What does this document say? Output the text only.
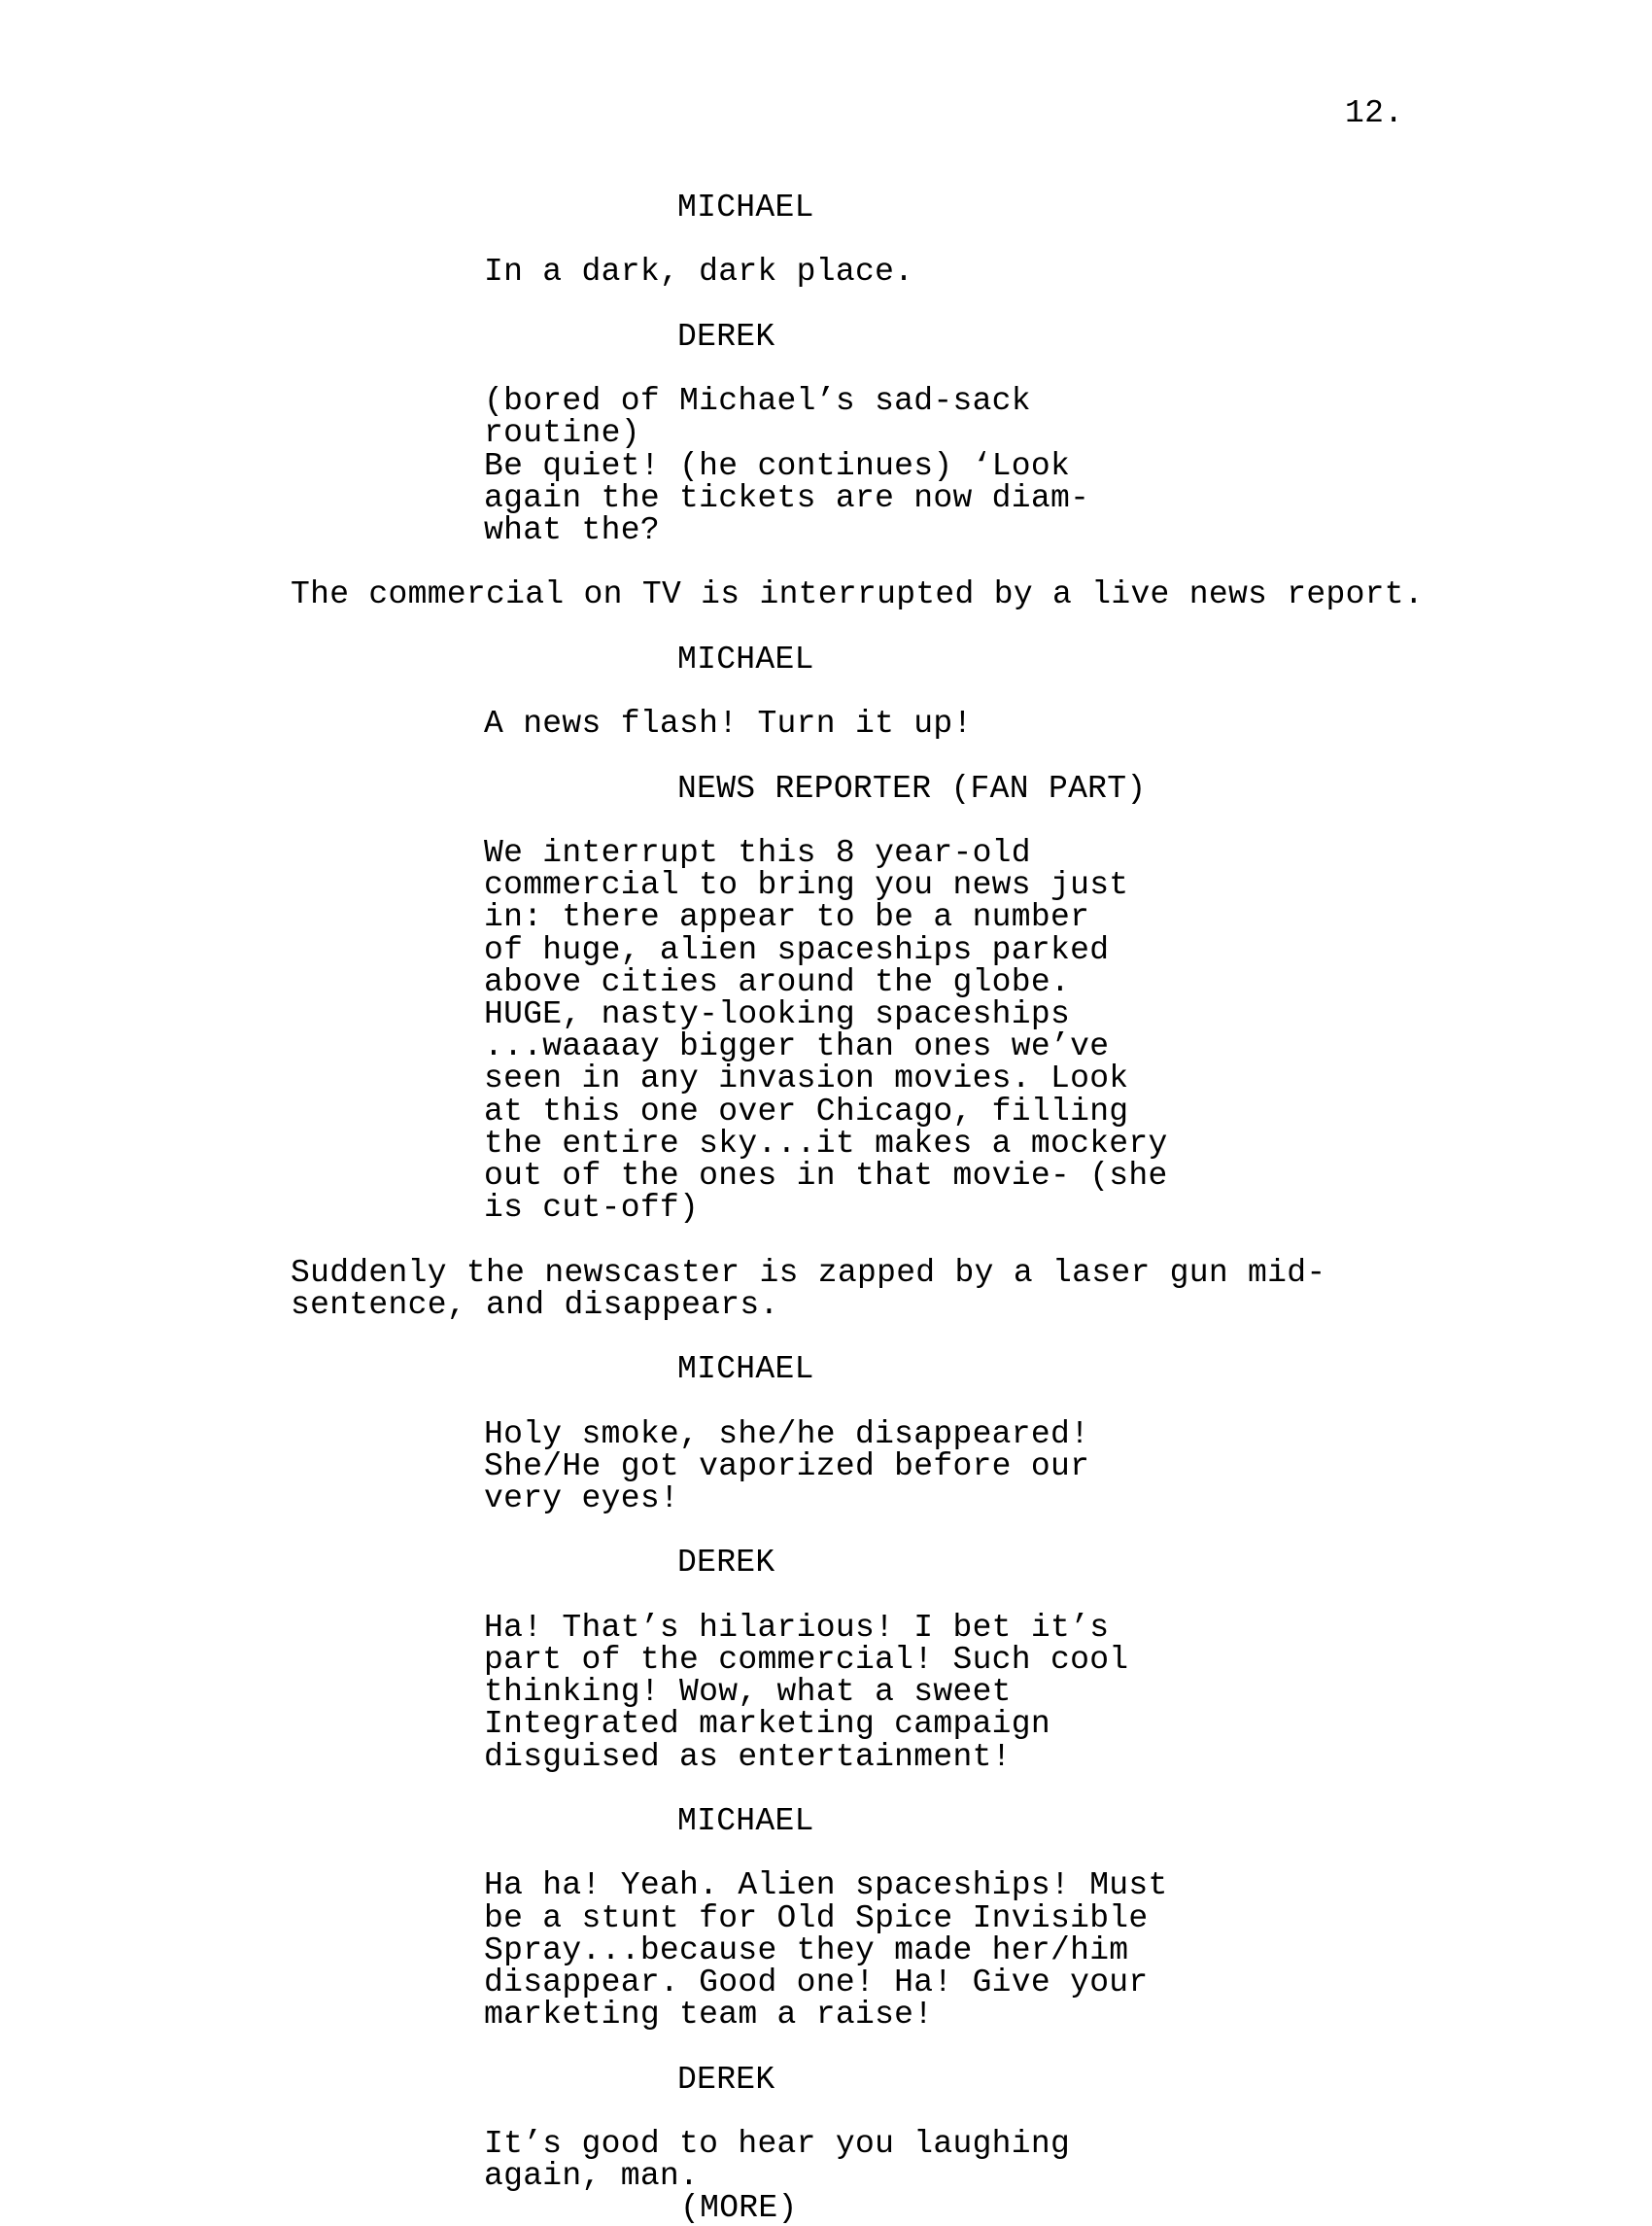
12.
MICHAEL
In a dark, dark place.
DEREK
(bored of Michael’s sad-sack
routine)
Be quiet! (he continues) ‘Look
again the tickets are now diam-
what the?
The commercial on TV is interrupted by a live news report.
MICHAEL
A news flash! Turn it up!
NEWS REPORTER (FAN PART)
We interrupt this 8 year-old
commercial to bring you news just
in: there appear to be a number
of huge, alien spaceships parked
above cities around the globe.
HUGE, nasty-looking spaceships
...waaaay bigger than ones we’ve
seen in any invasion movies. Look
at this one over Chicago, filling
the entire sky...it makes a mockery
out of the ones in that movie- (she
is cut-off)
Suddenly the newscaster is zapped by a laser gun mid-
sentence, and disappears.
MICHAEL
Holy smoke, she/he disappeared!
She/He got vaporized before our
very eyes!
DEREK
Ha! That’s hilarious! I bet it’s
part of the commercial! Such cool
thinking! Wow, what a sweet
Integrated marketing campaign
disguised as entertainment!
MICHAEL
Ha ha! Yeah. Alien spaceships! Must
be a stunt for Old Spice Invisible
Spray...because they made her/him
disappear. Good one! Ha! Give your
marketing team a raise!
DEREK
It’s good to hear you laughing
again, man.
(MORE)
